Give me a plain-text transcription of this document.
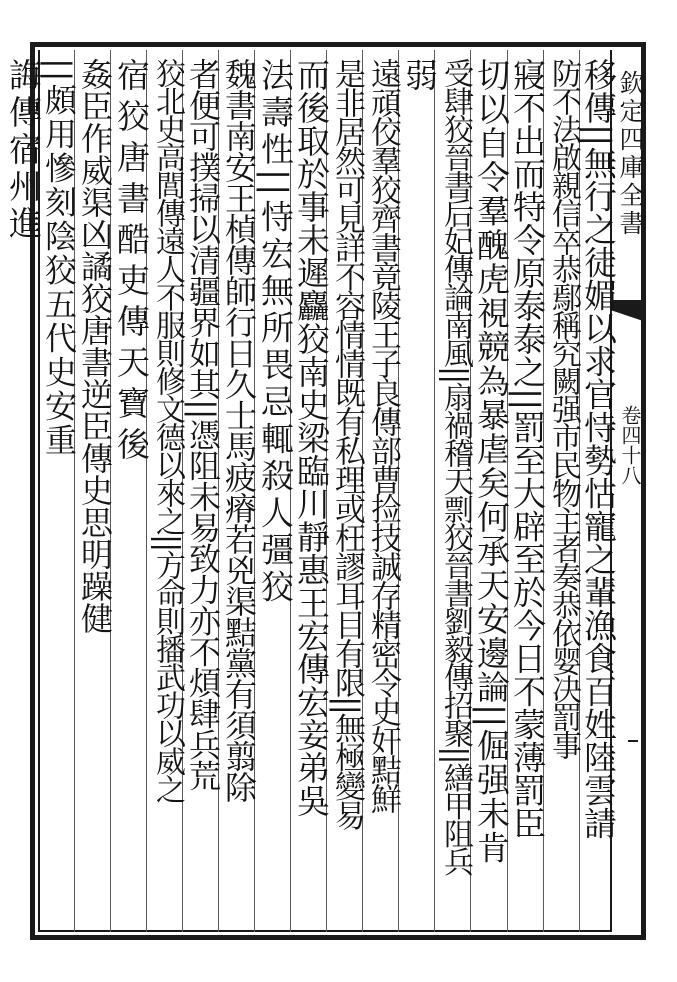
欽定四庫全書
卷四十八
移傳||無行之徒媚以求官恃勢怙寵之輩漁食百姓陸雲請
防不法啟親信卒恭鄢稱究闕强市民物主者奏恭依婴决罰事
寢不出而特令原泰泰之||罰至大辟至於今日不蒙薄罰臣
切以自令羣醜虎視競為暴虐矣何承天安邊論||倔强未肯
受肆狡晉書后妃傳論南風||扇禍稽天剽狡晉書劉毅傳招聚||繕甲阻兵
弱
遠頑佼羣狡齊書竟陵王子良傳部曹捡技誠存精密令史奸黠鮮
是非居然可見詳不容情情既有私理或枉謬耳目有限||無極變易
而後取於事未遲麤狡南史梁臨川靜惠王宏傳宏妾弟吳
法壽性||恃宏無所畏忌輒殺人彊狡
魏書南安王楨傳師行日久士馬疲瘠若兇渠黠黨有須翦除
者便可撲掃以清疆界如其||憑阻未易致力亦不煩肆兵荒
狡北史高閭傳遠人不服則修文德以來之||方命則播武功以威之
宿狡唐書酷吏傳天寶後
姦臣作威渠凶譎狡唐書逆臣傳史思明躁健
||頗用慘刻陰狡五代史安重
誨傳宿州進
